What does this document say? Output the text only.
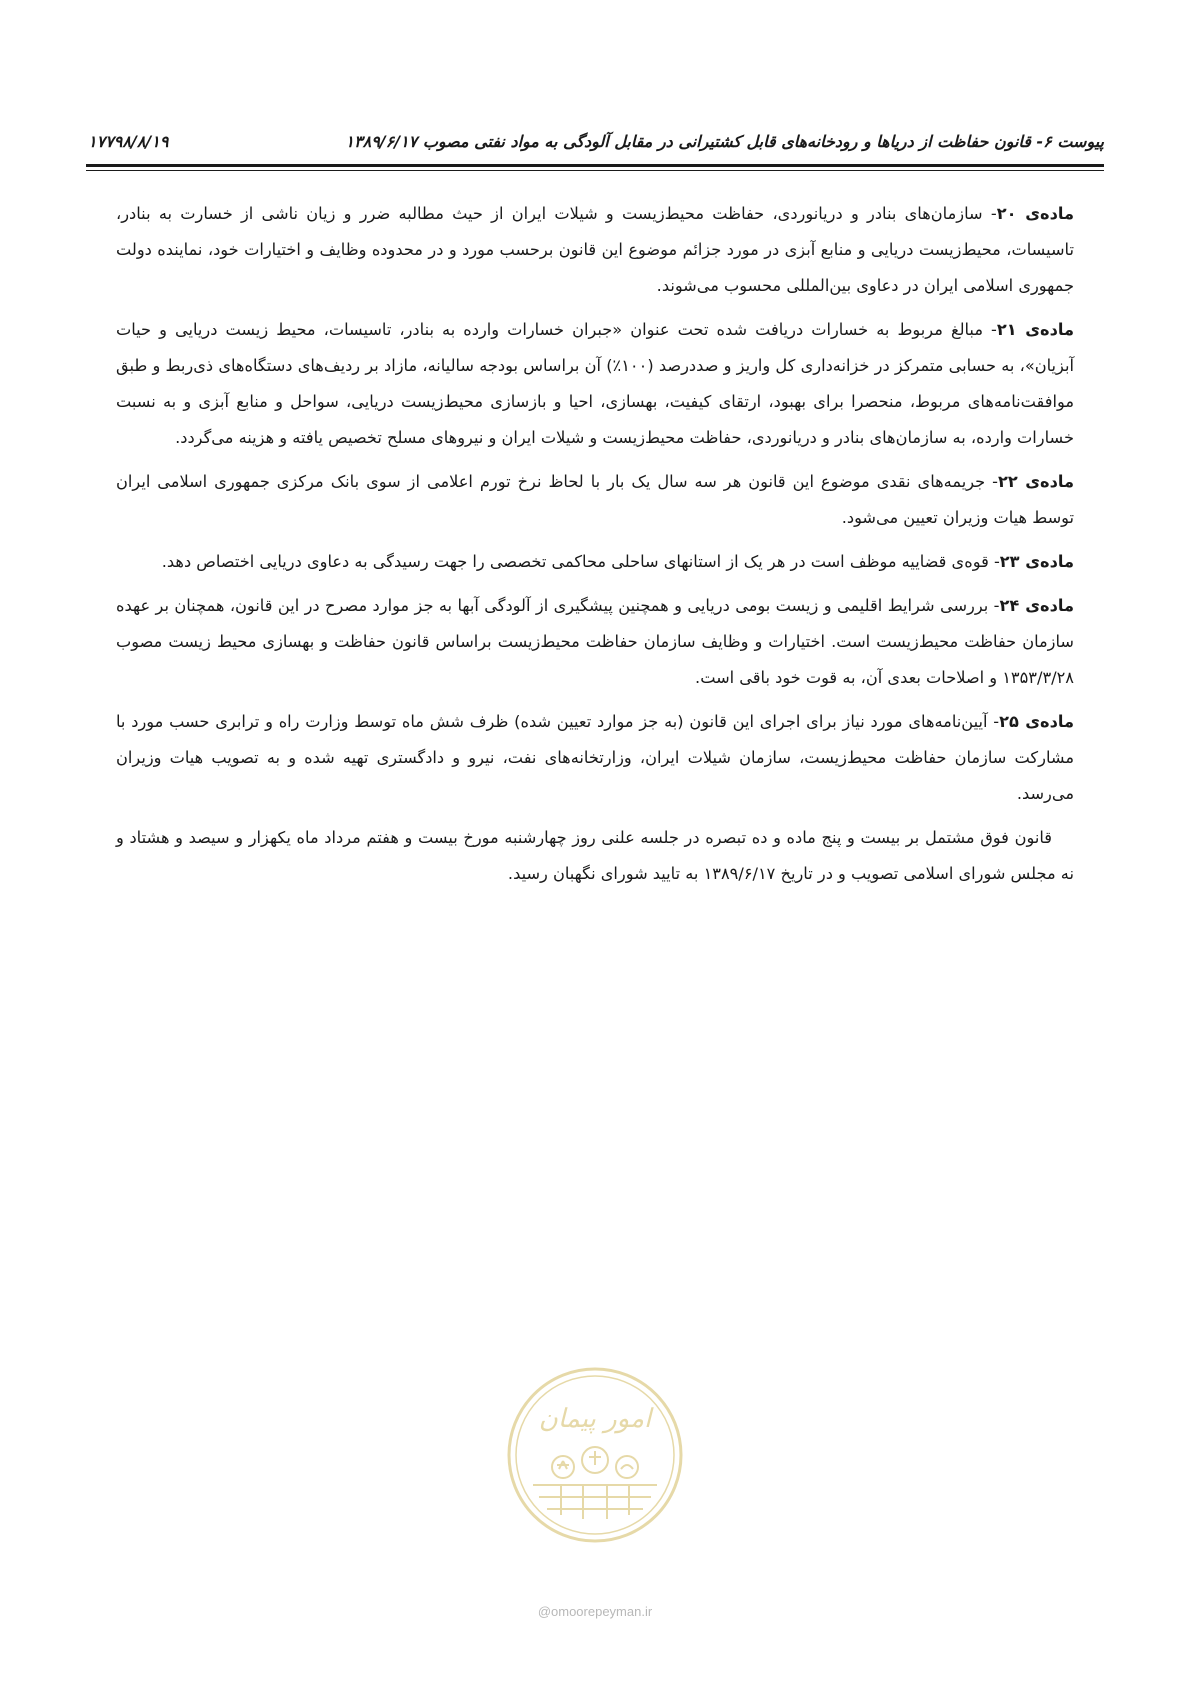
پیوست ۶- قانون حفاظت از دریاها و رودخانه‌های قابل کشتیرانی در مقابل آلودگی به مواد نفتی مصوب ۱۳۸۹/۶/۱۷
۱۷۷۹۸/۸/۱۹

ماده‌ی ۲۰- سازمان‌های بنادر و دریانوردی، حفاظت محیط‌زیست و شیلات ایران از حیث مطالبه ضرر و زیان ناشی از خسارت به بنادر، تاسیسات، محیط‌زیست دریایی و منابع آبزی در مورد جزائم موضوع این قانون برحسب مورد و در محدوده وظایف و اختیارات خود، نماینده دولت جمهوری اسلامی ایران در دعاوی بین‌المللی محسوب می‌شوند.

ماده‌ی ۲۱- مبالغ مربوط به خسارات دریافت شده تحت عنوان «جبران خسارات وارده به بنادر، تاسیسات، محیط زیست دریایی و حیات آبزیان»، به حسابی متمرکز در خزانه‌داری کل واریز و صددرصد (۱۰۰٪) آن براساس بودجه سالیانه، مازاد بر ردیف‌های دستگاه‌های ذی‌ربط و طبق موافقت‌نامه‌های مربوط، منحصرا برای بهبود، ارتقای کیفیت، بهسازی، احیا و بازسازی محیط‌زیست دریایی، سواحل و منابع آبزی و به نسبت خسارات وارده، به سازمان‌های بنادر و دریانوردی، حفاظت محیط‌زیست و شیلات ایران و نیروهای مسلح تخصیص یافته و هزینه می‌گردد.

ماده‌ی ۲۲- جریمه‌های نقدی موضوع این قانون هر سه سال یک بار با لحاظ نرخ تورم اعلامی از سوی بانک مرکزی جمهوری اسلامی ایران توسط هیات وزیران تعیین می‌شود.

ماده‌ی ۲۳- قوه‌ی قضاییه موظف است در هر یک از استانهای ساحلی محاکمی تخصصی را جهت رسیدگی به دعاوی دریایی اختصاص دهد.

ماده‌ی ۲۴- بررسی شرایط اقلیمی و زیست بومی دریایی و همچنین پیشگیری از آلودگی آبها به جز موارد مصرح در این قانون، همچنان بر عهده سازمان حفاظت محیط‌زیست است. اختیارات و وظایف سازمان حفاظت محیط‌زیست براساس قانون حفاظت و بهسازی محیط زیست مصوب ۱۳۵۳/۳/۲۸ و اصلاحات بعدی آن، به قوت خود باقی است.

ماده‌ی ۲۵- آیین‌نامه‌های مورد نیاز برای اجرای این قانون (به جز موارد تعیین شده) ظرف شش ماه توسط وزارت راه و ترابری حسب مورد با مشارکت سازمان حفاظت محیط‌زیست، سازمان شیلات ایران، وزارتخانه‌های نفت، نیرو و دادگستری تهیه شده و به تصویب هیات وزیران می‌رسد.

قانون فوق مشتمل بر بیست و پنج ماده و ده تبصره در جلسه علنی روز چهارشنبه مورخ بیست و هفتم مرداد ماه یکهزار و سیصد و هشتاد و نه مجلس شورای اسلامی تصویب و در تاریخ ۱۳۸۹/۶/۱۷ به تایید شورای نگهبان رسید.

امور پیمان
@omoorepeyman.ir
